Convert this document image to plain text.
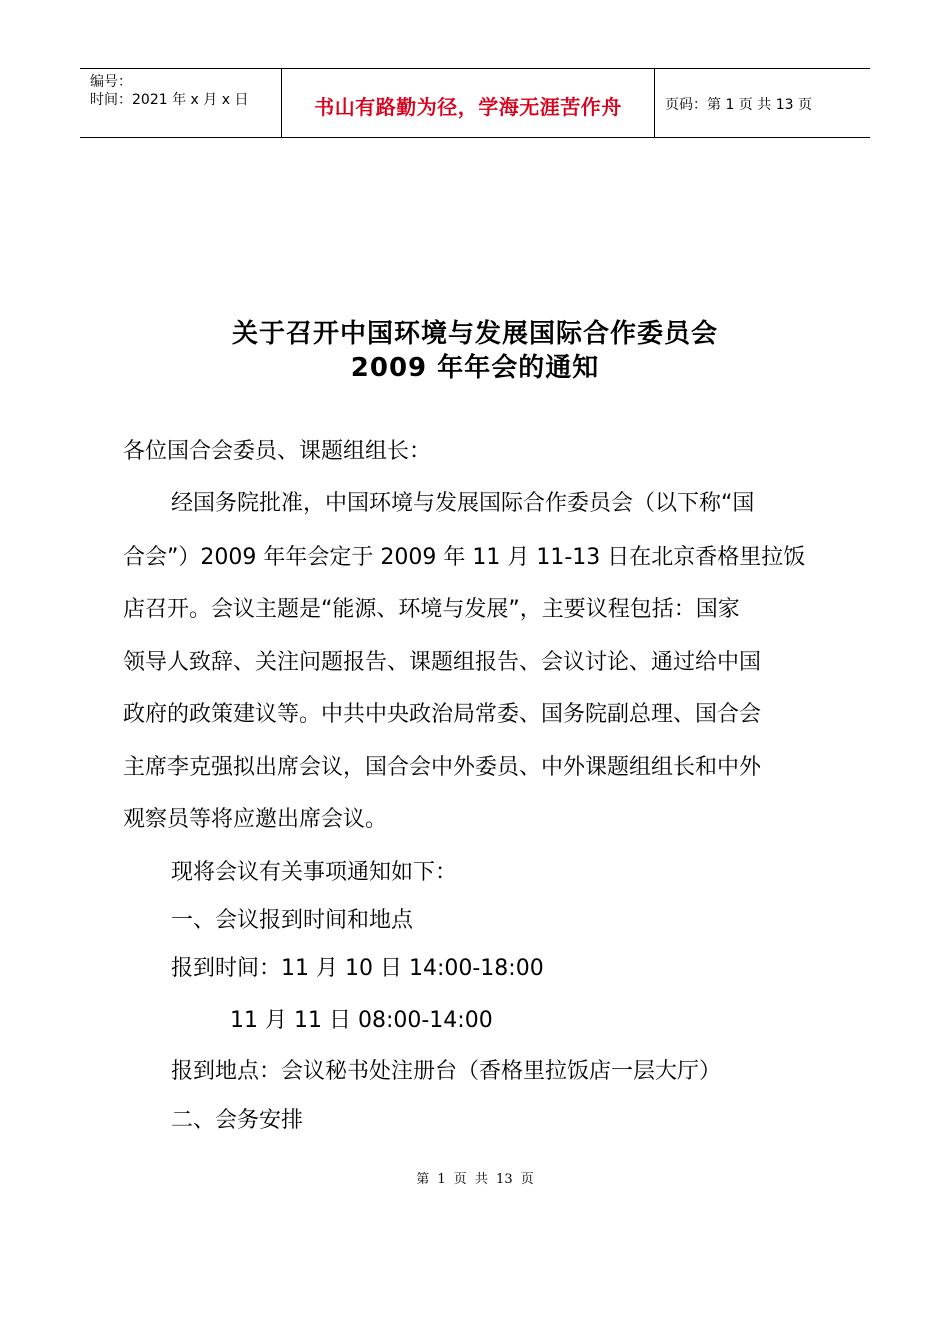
编号：
时间：2021 年 x 月 x 日	书山有路勤为径，学海无涯苦作舟	页码：第 1 页 共 13 页
关于召开中国环境与发展国际合作委员会
2009 年年会的通知
各位国合会委员、课题组组长：
经国务院批准，中国环境与发展国际合作委员会（以下称“国
合会”）2009 年年会定于 2009 年 11 月 11-13 日在北京香格里拉饭
店召开。会议主题是“能源、环境与发展”，主要议程包括：国家
领导人致辞、关注问题报告、课题组报告、会议讨论、通过给中国
政府的政策建议等。中共中央政治局常委、国务院副总理、国合会
主席李克强拟出席会议，国合会中外委员、中外课题组组长和中外
观察员等将应邀出席会议。
现将会议有关事项通知如下：
一、会议报到时间和地点
报到时间：11 月 10 日 14:00-18:00
11 月 11 日 08:00-14:00
报到地点：会议秘书处注册台（香格里拉饭店一层大厅）
二、会务安排
第 1 页 共 13 页
